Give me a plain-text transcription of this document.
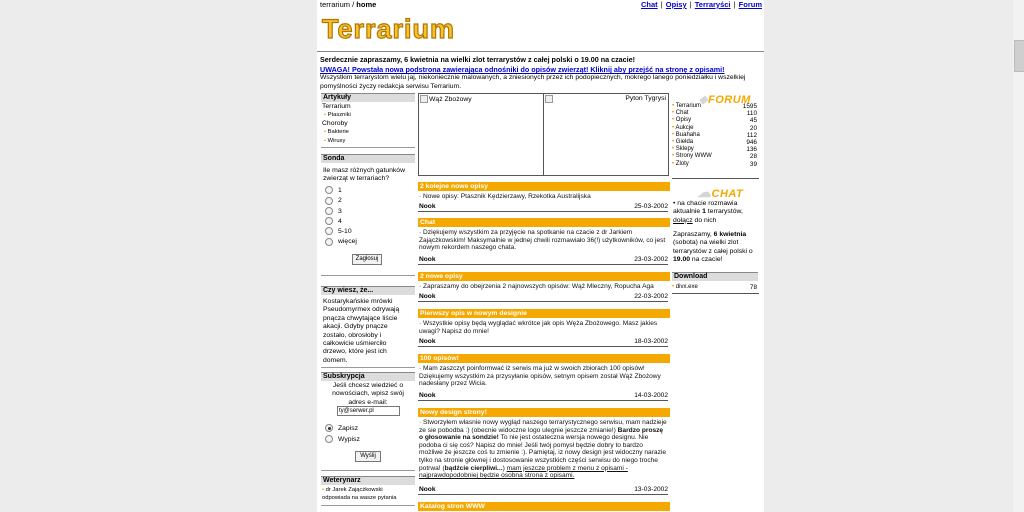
terrarium / home	Chat | Opisy | Terraryści | Forum
Terrarium
Serdecznie zapraszamy, 6 kwietnia na wielki zlot terrarystów z całej polski o 19.00 na czacie!
UWAGA! Powstała nowa podstrona zawierająca odnośniki do opisów zwierząt! Kliknij aby przejść na stronę z opisami!
Wszystkim terrarystom wielu jaj, niekoniecznie malowanych, a zniesionych przez ich podopiecznych, mokrego lanego poniedziałku i wszelkiej pomyślności życzy redakcja serwisu Terrarium.
Artykuły
Terrarium
• Ptaszniki
Choroby
• Bakterie
• Wirusy
Sonda
Ile masz różnych gatunków zwierząt w terrariach?
1
2
3
4
5-10
więcej
Zagłosuj
Czy wiesz, że...
Kostarykańskie mrówki Pseudomyrmex odrywają pnącza chwytające liście akacji. Gdyby pnącze zostało, obrosłoby i całkowicie uśmierciło drzewo, które jest ich domem.
Subskrypcja
Jeśli chcesz wiedzieć o nowościach, wpisz swój adres e-mail:
ty@serwer.pl
Zapisz
Wypisz
Wyślij
Weterynarz
• dr Jarek Zającżkowski odpowiada na wasze pytania
Wąż Zbożowy	Pyton Tygrysi
2 kolejne nowe opisy
· Nowe opisy: Ptasznik Kędzierzawy, Rzekotka Australijska
Nook	25-03-2002
Chat
· Dziękujemy wszystkim za przyjęcie na spotkanie na czacie z dr Jarkiem Zającżkowskim! Maksymalnie w jednej chwili rozmawiało 36(!) użytkowników, co jest nowym rekordem naszego chata.
Nook	23-03-2002
2 nowe opisy
· Zapraszamy do obejrzenia 2 najnowszych opisów: Wąż Mleczny, Ropucha Aga
Nook	22-03-2002
Pierwszy opis w nowym designie
· Wszystkie opisy będą wyglądać wkrótce jak opis Węża Zbożowego. Masz jakies uwagi? Napisz do mnie!
Nook	18-03-2002
100 opisów!
· Mam zaszczyt poinformwać iż serwis ma już w swoich zbiorach 100 opisów! Dziękujemy wszystkim za przysyłanie opisów, setnym opisem został Wąż Zbożowy nadesłany przez Wicia.
Nook	14-03-2002
Nowy design strony!
· Stworzyłem własnie nowy wygląd naszego terrarystycznego serwisu, mam nadzieje ze sie pobodba :) (obecnie widoczne logo ulegnie jeszcze zmianie!) Bardzo proszę o głosowanie na sondzie! To nie jest ostateczna wersja nowego designu. Nie podoba ci się coś? Napisz do mnie! Jeśli twój pomysł będzie dobry to bardzo możliwe że jeszcze coś tu zmienie :). Pamiętaj, iz nowy design jest widoczny narazie tylko na stronie głównej i dostosowanie wszystkich części serwisu do niego troche potrwa! (bądźcie cierpliwi...) mam jeszcze problem z menu z opisami - najprawdopodobniej będzie osobna strona z opisami.
Nook	13-03-2002
Katalog stron WWW
◆FORUM
• Terrarium	1595
• Chat	110
• Opisy	45
• Aukcje	20
• Buahaha	112
• Giełda	946
• Sklepy	136
• Strony WWW	28
• Zloty	39
☁CHAT
• na chacie rozmawia aktualnie 1 terrarystów, dołącz do nich
Zapraszamy, 6 kwietnia (sobota) na wielki zlot terrarystów z całej polski o 19.00 na czacie!
Download
• divx.exe	78
